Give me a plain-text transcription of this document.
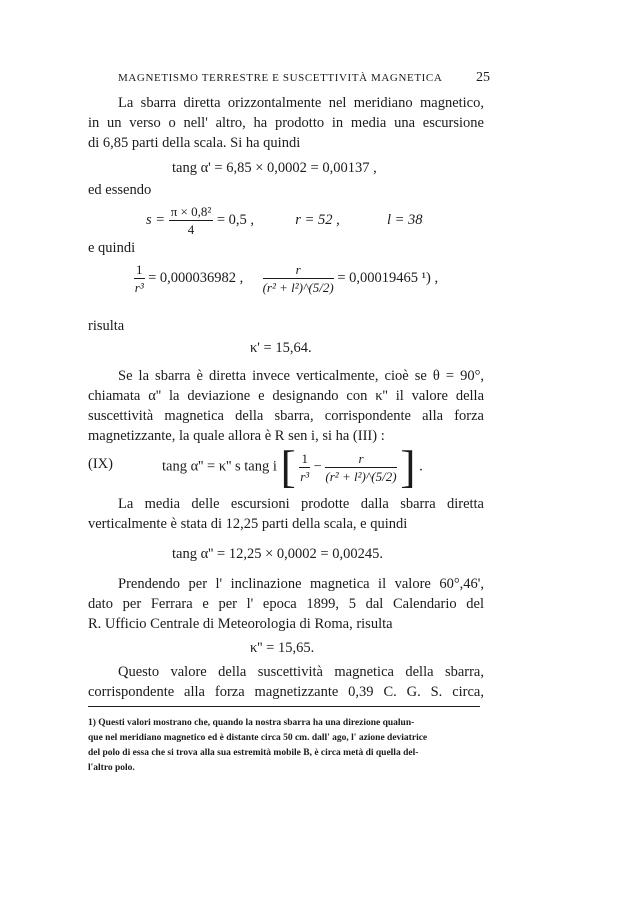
MAGNETISMO TERRESTRE E SUSCETTIVITÀ MAGNETICA 25
La sbarra diretta orizzontalmente nel meridiano magnetico,
in un verso o nell' altro, ha prodotto in media una escursione
di 6,85 parti della scala. Si ha quindi
tang α' = 6,85 × 0,0002 = 0,00137 ,
ed essendo
$s = \frac{\text{π × 0,8²}}{4} = 0,5$ ,	r = 52 ,	l = 38
e quindi
$\frac{1}{\text{r³}} = 0,000036982$ , $\frac{r}{\text{(r² + l²)\textasciicircum{}(5/2)}} = 0,00019465$ ¹) ,
risulta
κ' = 15,64.
Se la sbarra è diretta invece verticalmente, cioè se θ = 90°,
chiamata α'' la deviazione e designando con κ'' il valore della
suscettività magnetica della sbarra, corrispondente alla forza
magnetizzante, la quale allora è R sen i, si ha (III) :
(IX)	tang α'' = κ'' s tang i [ $\frac{1}{\text{r³}} - \frac{r}{\text{(r² + l²)\textasciicircum{}(5/2)}}$ ] .
La media delle escursioni prodotte dalla sbarra diretta
verticalmente è stata di 12,25 parti della scala, e quindi
tang α'' = 12,25 × 0,0002 = 0,00245.
Prendendo per l' inclinazione magnetica il valore 60°,46',
dato per Ferrara e per l' epoca 1899, 5 dal Calendario del
R. Ufficio Centrale di Meteorologia di Roma, risulta
κ'' = 15,65.
Questo valore della suscettività magnetica della sbarra,
corrispondente alla forza magnetizzante 0,39 C. G. S. circa,
1) Questi valori mostrano che, quando la nostra sbarra ha una direzione qualun-
que nel meridiano magnetico ed è distante circa 50 cm. dall' ago, l' azione deviatrice
del polo di essa che si trova alla sua estremità mobile B, è circa metà di quella del-
l'altro polo.
